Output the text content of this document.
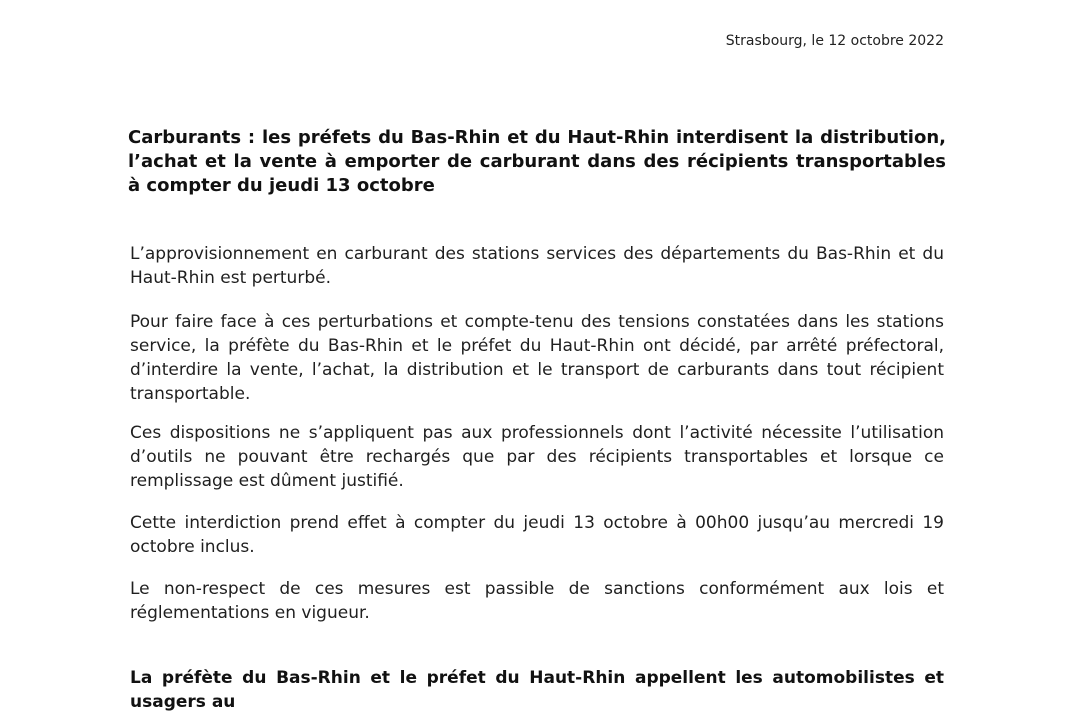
Strasbourg, le 12 octobre 2022
Carburants : les préfets du Bas-Rhin et du Haut-Rhin interdisent la distribution, l’achat et la vente à emporter de carburant dans des récipients transportables à compter du jeudi 13 octobre

L’approvisionnement en carburant des stations services des départements du Bas-Rhin et du Haut-Rhin est perturbé.

Pour faire face à ces perturbations et compte-tenu des tensions constatées dans les stations service, la préfète du Bas-Rhin et le préfet du Haut-Rhin ont décidé, par arrêté préfectoral, d’interdire la vente, l’achat, la distribution et le transport de carburants dans tout récipient transportable.

Ces dispositions ne s’appliquent pas aux professionnels dont l’activité nécessite l’utilisation d’outils ne pouvant être rechargés que par des récipients transportables et lorsque ce remplissage est dûment justifié.

Cette interdiction prend effet à compter du jeudi 13 octobre à 00h00 jusqu’au mercredi 19 octobre inclus.

Le non-respect de ces mesures est passible de sanctions conformément aux lois et réglementations en vigueur.

La préfète du Bas-Rhin et le préfet du Haut-Rhin appellent les automobilistes et usagers au
